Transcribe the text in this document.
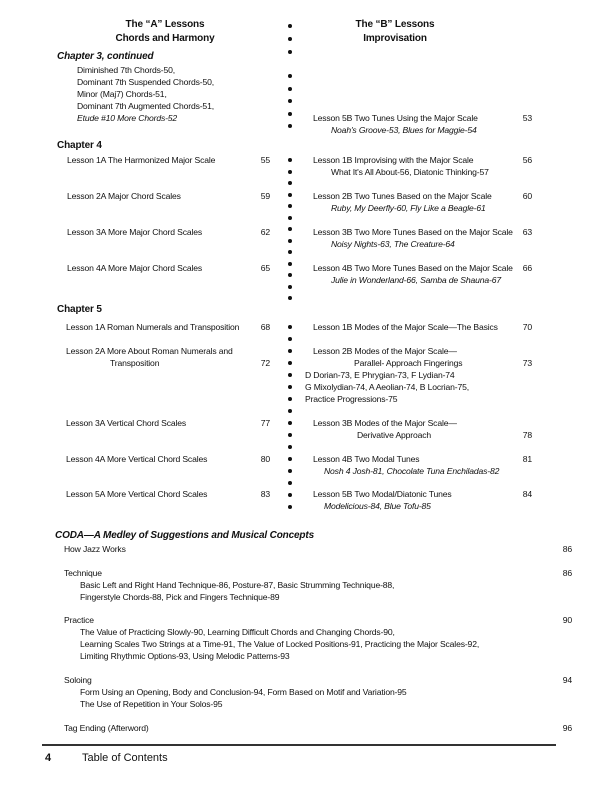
The “A” Lessons
Chords and Harmony
The “B” Lessons
Improvisation
Chapter 3, continued
Diminished 7th Chords-50,
Dominant 7th Suspended Chords-50,
Minor (Maj7) Chords-51,
Dominant 7th Augmented Chords-51,
Etude #10 More Chords-52	Lesson 5B Two Tunes Using the Major Scale	53
Noah's Groove-53, Blues for Maggie-54
Chapter 4
Lesson 1A The Harmonized Major Scale	55
Lesson 2A Major Chord Scales	59
Lesson 3A More Major Chord Scales	62
Lesson 4A More Major Chord Scales	65
Lesson 1B Improvising with the Major Scale	56
What It's All About-56, Diatonic Thinking-57
Lesson 2B Two Tunes Based on the Major Scale	60
Ruby, My Deerfly-60, Fly Like a Beagle-61
Lesson 3B Two More Tunes Based on the Major Scale	63
Noisy Nights-63, The Creature-64
Lesson 4B Two More Tunes Based on the Major Scale	66
Julie in Wonderland-66, Samba de Shauna-67
Chapter 5
Lesson 1A Roman Numerals and Transposition	68
Lesson 2A More About Roman Numerals and
Transposition	72
Lesson 3A Vertical Chord Scales	77
Lesson 4A More Vertical Chord Scales	80
Lesson 5A More Vertical Chord Scales	83
Lesson 1B Modes of the Major Scale—The Basics	70
Lesson 2B Modes of the Major Scale—
Parallel- Approach Fingerings	73
D Dorian-73, E Phrygian-73, F Lydian-74
G Mixolydian-74, A Aeolian-74, B Locrian-75,
Practice Progressions-75
Lesson 3B Modes of the Major Scale—
Derivative Approach	78
Lesson 4B Two Modal Tunes	81
Nosh 4 Josh-81, Chocolate Tuna Enchiladas-82
Lesson 5B Two Modal/Diatonic Tunes	84
Modelicious-84, Blue Tofu-85
CODA—A Medley of Suggestions and Musical Concepts
How Jazz Works	86
Technique	86
Basic Left and Right Hand Technique-86, Posture-87, Basic Strumming Technique-88,
Fingerstyle Chords-88, Pick and Fingers Technique-89
Practice	90
The Value of Practicing Slowly-90, Learning Difficult Chords and Changing Chords-90,
Learning Scales Two Strings at a Time-91, The Value of Locked Positions-91, Practicing the Major Scales-92,
Limiting Rhythmic Options-93, Using Melodic Patterns-93
Soloing	94
Form Using an Opening, Body and Conclusion-94, Form Based on Motif and Variation-95
The Use of Repetition in Your Solos-95
Tag Ending (Afterword)	96
4	Table of Contents
